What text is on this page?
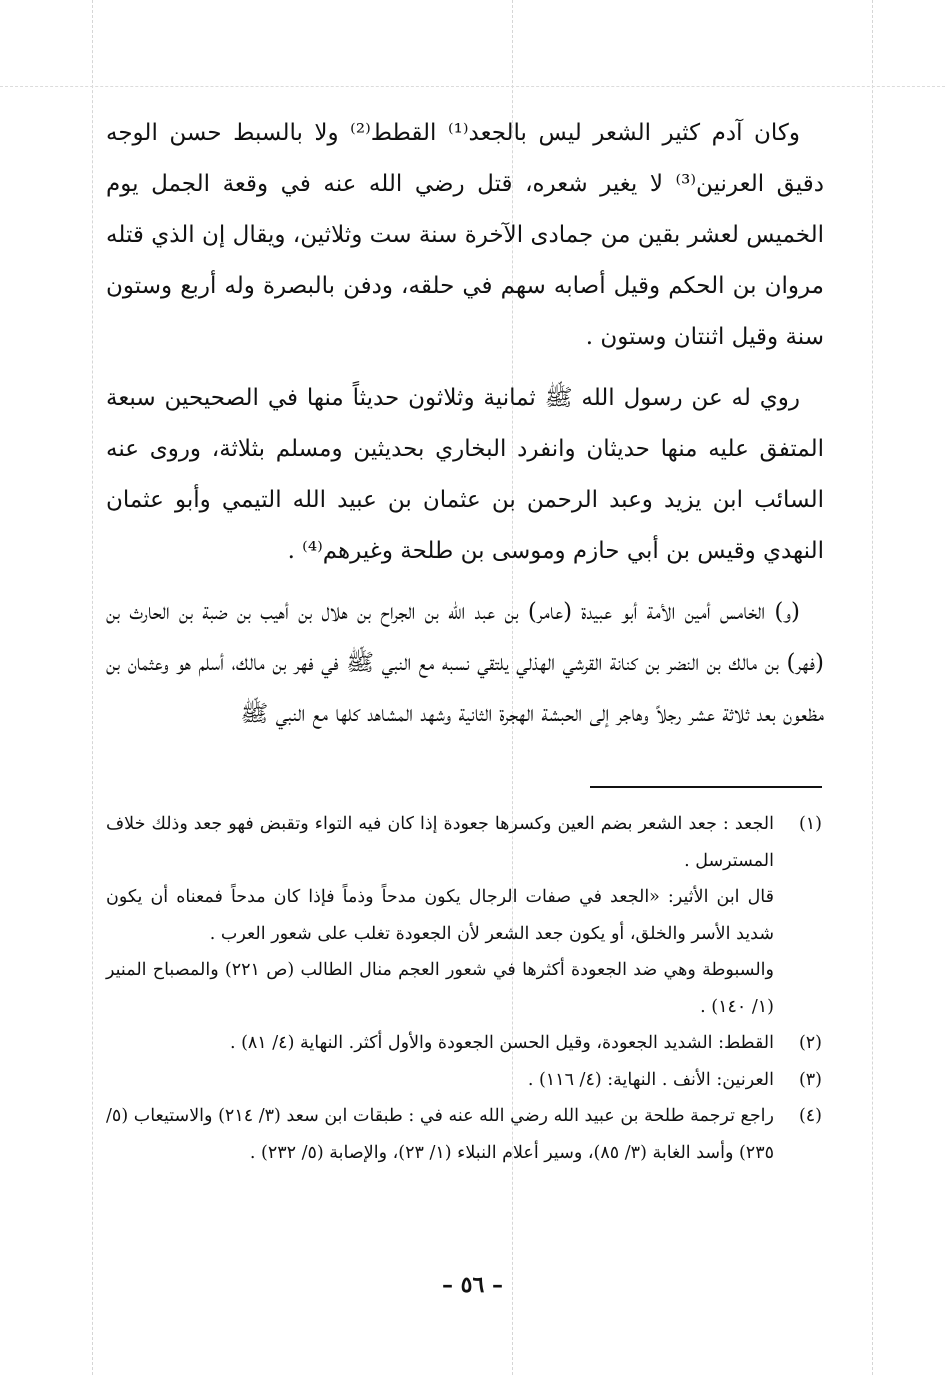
وكان آدم كثير الشعر ليس بالجعد⁽¹⁾ القطط⁽²⁾ ولا بالسبط حسن الوجه دقيق العرنين⁽³⁾ لا يغير شعره، قتل رضي الله عنه في وقعة الجمل يوم الخميس لعشر بقين من جمادى الآخرة سنة ست وثلاثين، ويقال إن الذي قتله مروان بن الحكم وقيل أصابه سهم في حلقه، ودفن بالبصرة وله أربع وستون سنة وقيل اثنتان وستون .

روي له عن رسول الله ﷺ ثمانية وثلاثون حديثاً منها في الصحيحين سبعة المتفق عليه منها حديثان وانفرد البخاري بحديثين ومسلم بثلاثة، وروى عنه السائب ابن يزيد وعبد الرحمن بن عثمان بن عبيد الله التيمي وأبو عثمان النهدي وقيس بن أبي حازم وموسى بن طلحة وغيرهم⁽⁴⁾ .

(و) الخامس أمين الأمة أبو عبيدة (عامر) بن عبد الله بن الجراح بن هلال بن أهيب بن ضبة بن الحارث بن (فهر) بن مالك بن النضر بن كنانة القرشي الهذلي يلتقي نسبه مع النبي ﷺ في فهر بن مالك، أسلم هو وعثمان بن مظعون بعد ثلاثة عشر رجلاً وهاجر إلى الحبشة الهجرة الثانية وشهد المشاهد كلها مع النبي ﷺ

(١)

الجعد : جعد الشعر بضم العين وكسرها جعودة إذا كان فيه التواء وتقبض فهو جعد وذلك خلاف المسترسل .

قال ابن الأثير: «الجعد في صفات الرجال يكون مدحاً وذماً فإذا كان مدحاً فمعناه أن يكون شديد الأسر والخلق، أو يكون جعد الشعر لأن الجعودة تغلب على شعور العرب .

والسبوطة وهي ضد الجعودة أكثرها في شعور العجم منال الطالب (ص ٢٢١) والمصباح المنير (١/ ١٤٠) .

(٢)

القطط: الشديد الجعودة، وقيل الحسن الجعودة والأول أكثر. النهاية (٤/ ٨١) .

(٣)

العرنين: الأنف . النهاية: (٤/ ١١٦) .

(٤)

راجع ترجمة طلحة بن عبيد الله رضي الله عنه في : طبقات ابن سعد (٣/ ٢١٤) والاستيعاب (٥/ ٢٣٥) وأسد الغابة (٣/ ٨٥)، وسير أعلام النبلاء (١/ ٢٣)، والإصابة (٥/ ٢٣٢) .

– ٥٦ –
